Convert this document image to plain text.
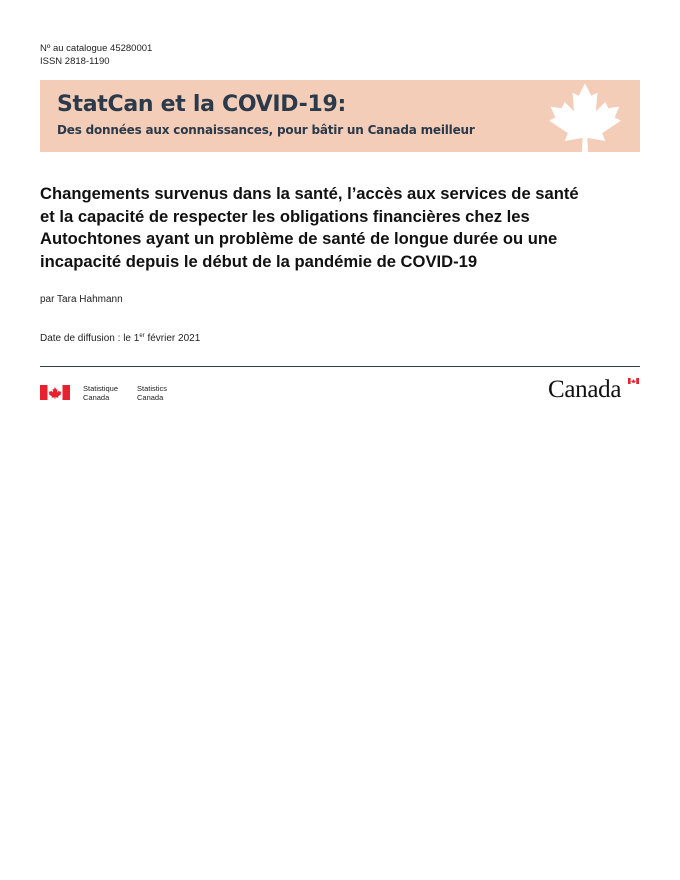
Nº au catalogue 45280001
ISSN 2818-1190
StatCan et la COVID-19:
Des données aux connaissances, pour bâtir un Canada meilleur
Changements survenus dans la santé, l’accès aux services de santé
et la capacité de respecter les obligations financières chez les
Autochtones ayant un problème de santé de longue durée ou une
incapacité depuis le début de la pandémie de COVID-19
par Tara Hahmann
Date de diffusion : le 1er février 2021
Statistique
Canada
Statistics
Canada	Canada
